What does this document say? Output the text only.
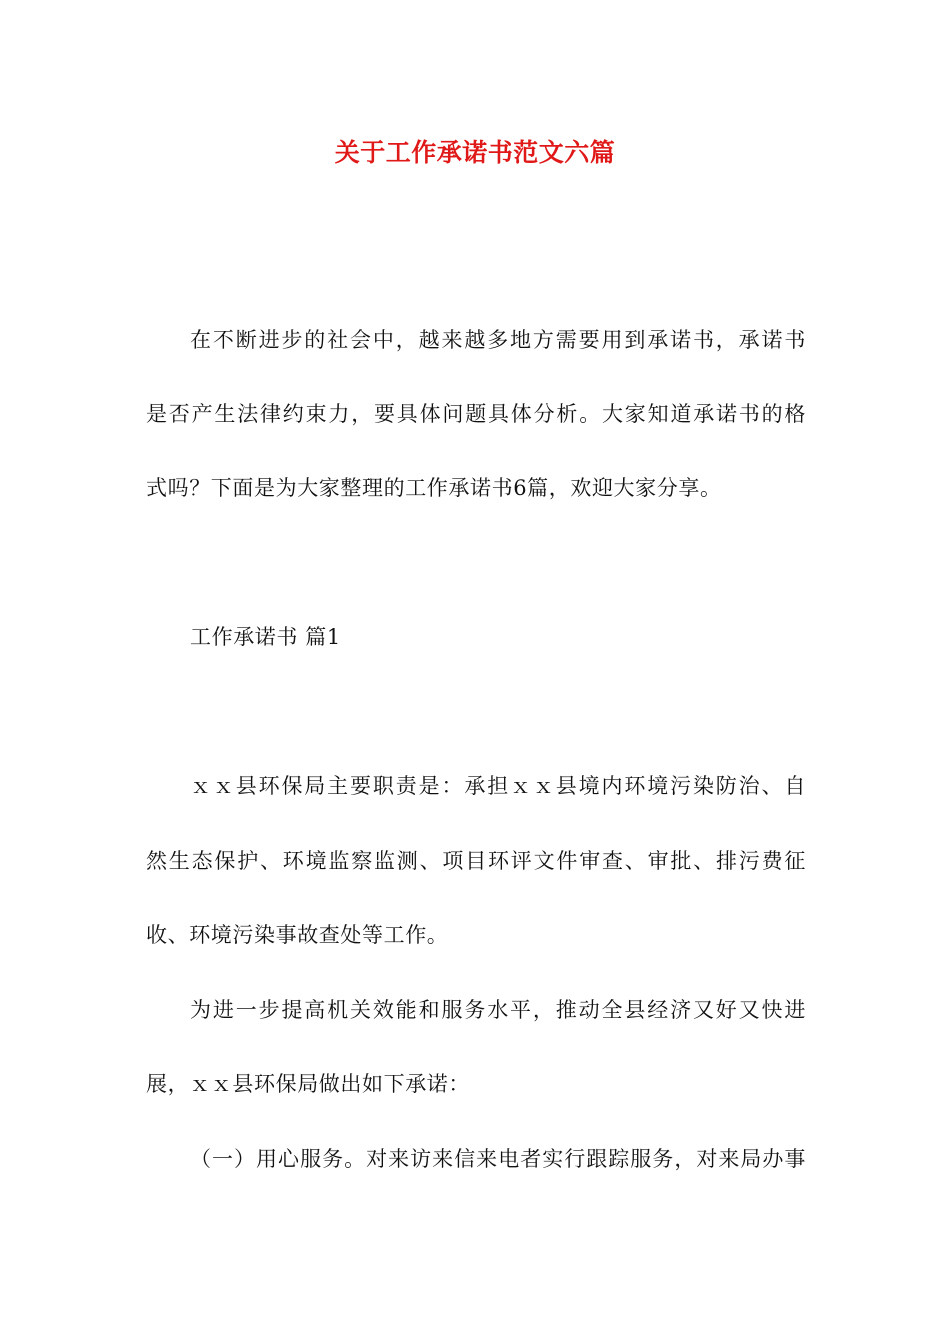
关于工作承诺书范文六篇
在不断进步的社会中，越来越多地方需要用到承诺书，承诺书
是否产生法律约束力，要具体问题具体分析。大家知道承诺书的格
式吗？下面是为大家整理的工作承诺书6篇，欢迎大家分享。
工作承诺书 篇1
ｘｘ县环保局主要职责是：承担ｘｘ县境内环境污染防治、自
然生态保护、环境监察监测、项目环评文件审查、审批、排污费征
收、环境污染事故查处等工作。
为进一步提高机关效能和服务水平，推动全县经济又好又快进
展，ｘｘ县环保局做出如下承诺：
（一）用心服务。对来访来信来电者实行跟踪服务，对来局办事
